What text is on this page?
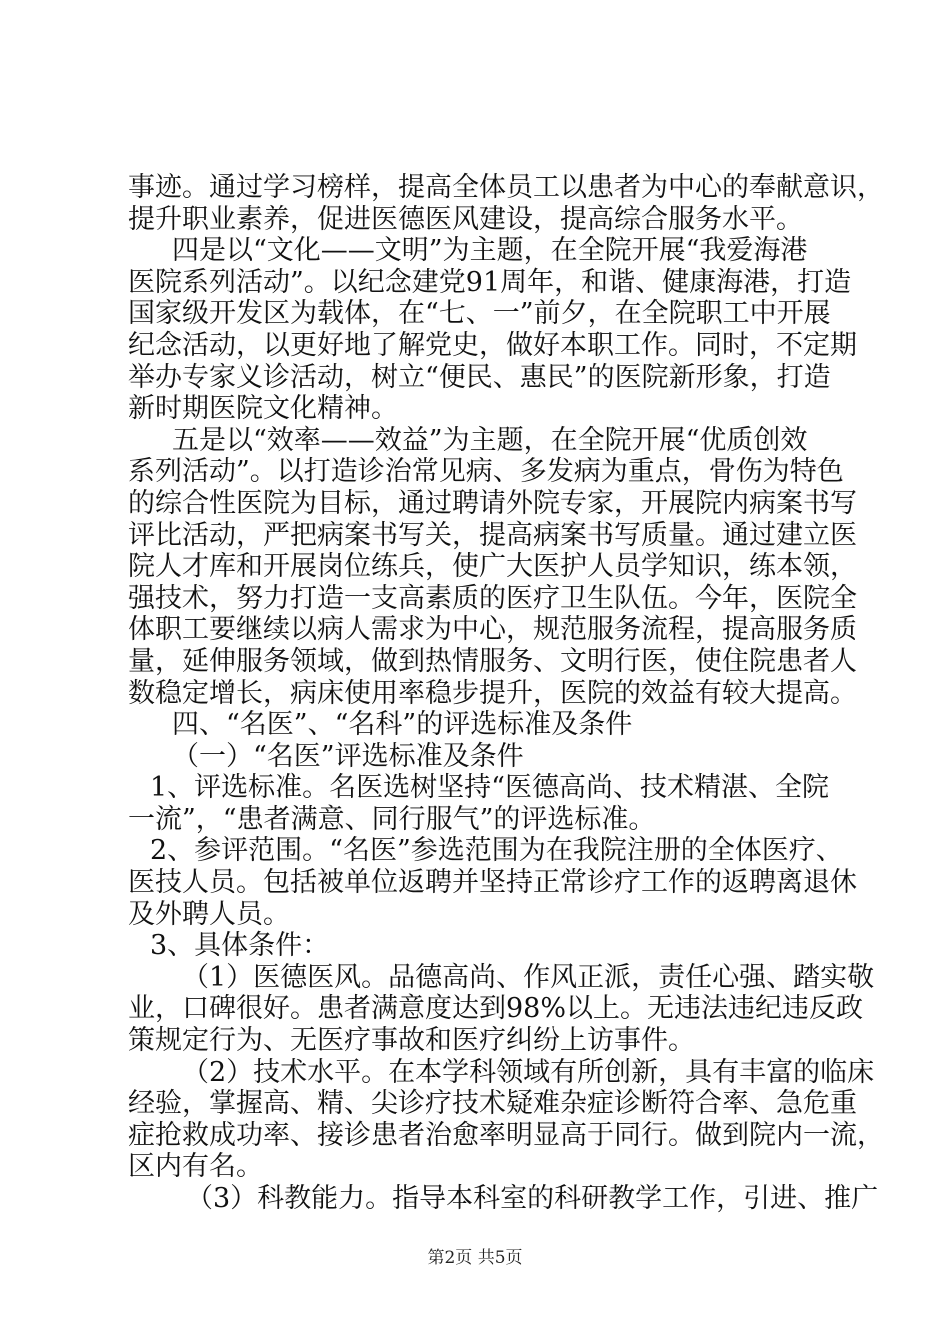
事迹。通过学习榜样，提高全体员工以患者为中心的奉献意识，
提升职业素养，促进医德医风建设，提高综合服务水平。
四是以“文化——文明”为主题，在全院开展“我爱海港
医院系列活动”。以纪念建党91周年，和谐、健康海港，打造
国家级开发区为载体，在“七、一”前夕，在全院职工中开展
纪念活动，以更好地了解党史，做好本职工作。同时，不定期
举办专家义诊活动，树立“便民、惠民”的医院新形象，打造
新时期医院文化精神。
五是以“效率——效益”为主题，在全院开展“优质创效
系列活动”。以打造诊治常见病、多发病为重点，骨伤为特色
的综合性医院为目标，通过聘请外院专家，开展院内病案书写
评比活动，严把病案书写关，提高病案书写质量。通过建立医
院人才库和开展岗位练兵，使广大医护人员学知识，练本领，
强技术，努力打造一支高素质的医疗卫生队伍。今年，医院全
体职工要继续以病人需求为中心，规范服务流程，提高服务质
量，延伸服务领域，做到热情服务、文明行医，使住院患者人
数稳定增长，病床使用率稳步提升，医院的效益有较大提高。
四、“名医”、“名科”的评选标准及条件
（一）“名医”评选标准及条件
1、评选标准。名医选树坚持“医德高尚、技术精湛、全院
一流”，“患者满意、同行服气”的评选标准。
2、参评范围。“名医”参选范围为在我院注册的全体医疗、
医技人员。包括被单位返聘并坚持正常诊疗工作的返聘离退休
及外聘人员。
3、具体条件：
（1）医德医风。品德高尚、作风正派，责任心强、踏实敬
业，口碑很好。患者满意度达到98%以上。无违法违纪违反政
策规定行为、无医疗事故和医疗纠纷上访事件。
（2）技术水平。在本学科领域有所创新，具有丰富的临床
经验，掌握高、精、尖诊疗技术疑难杂症诊断符合率、急危重
症抢救成功率、接诊患者治愈率明显高于同行。做到院内一流，
区内有名。
（3）科教能力。指导本科室的科研教学工作，引进、推广
第2页 共5页
